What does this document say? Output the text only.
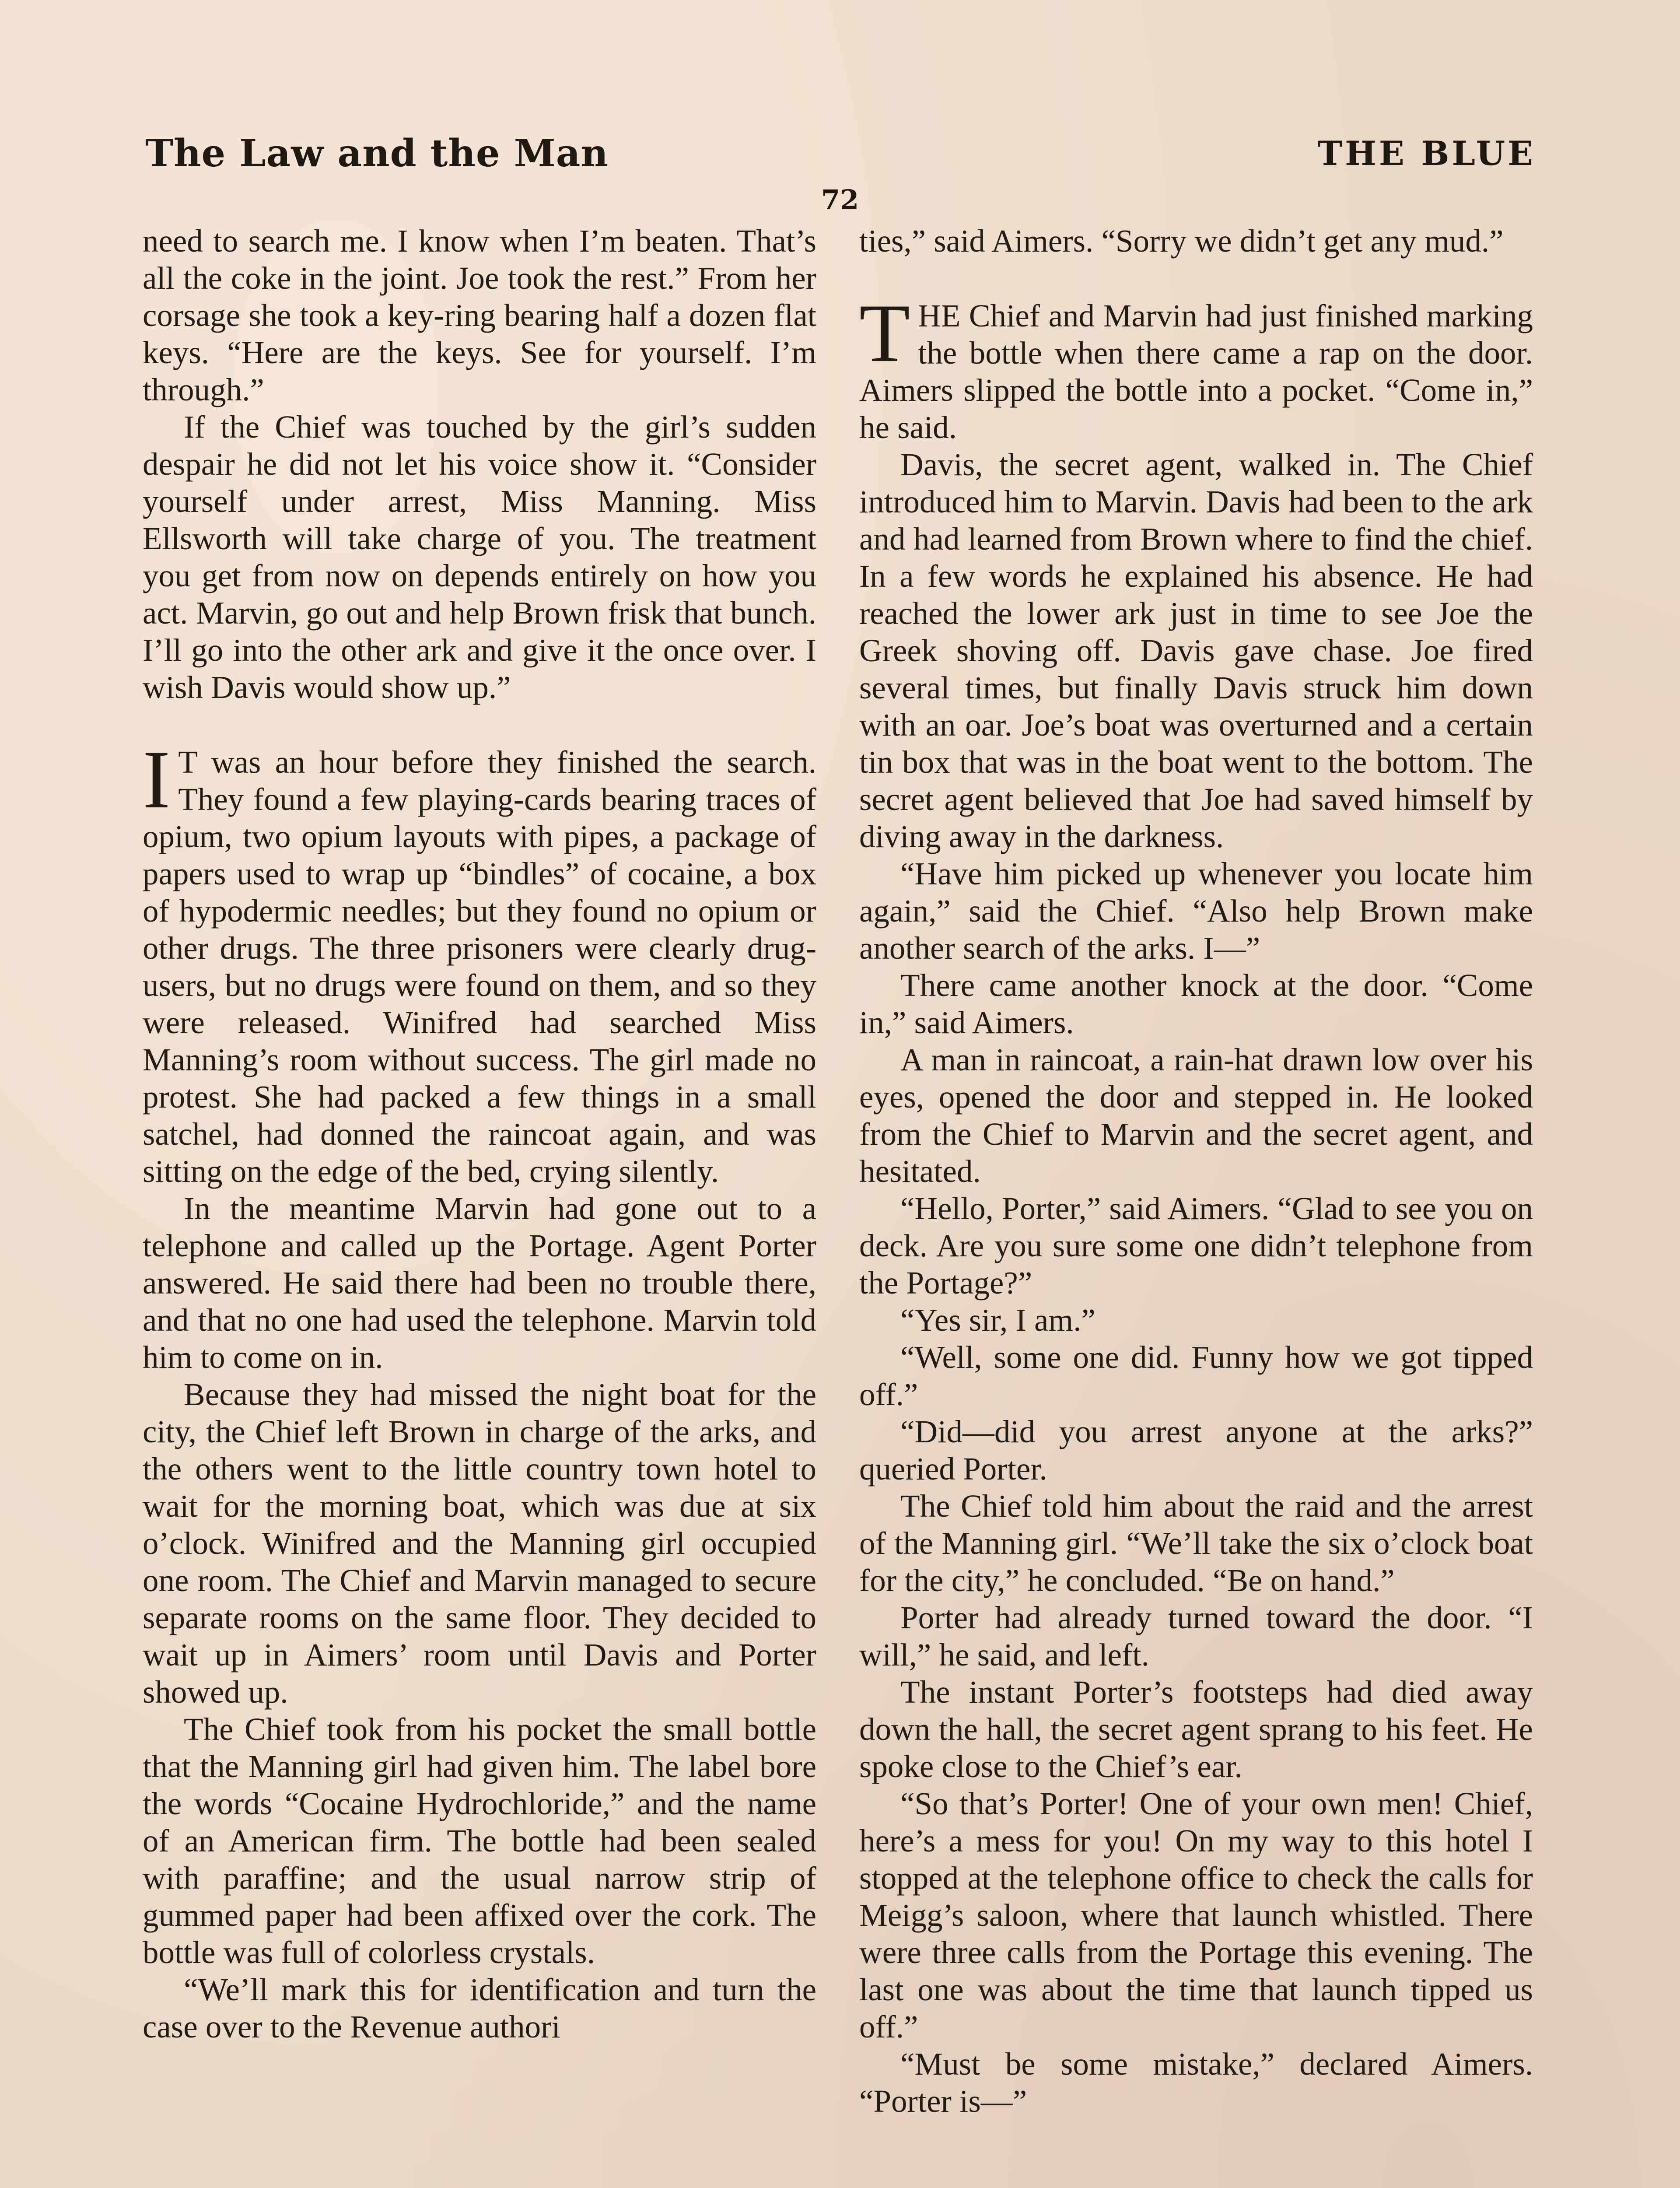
The Law and the Man	THE BLUE
72

need to search me. I know when I’m beaten. That’s all the coke in the joint. Joe took the rest.” From her corsage she took a key-ring bearing half a dozen flat keys. “Here are the keys. See for yourself. I’m through.”

If the Chief was touched by the girl’s sudden despair he did not let his voice show it. “Consider yourself under arrest, Miss Manning. Miss Ellsworth will take charge of you. The treatment you get from now on depends entirely on how you act. Marvin, go out and help Brown frisk that bunch. I’ll go into the other ark and give it the once over. I wish Davis would show up.”

I T was an hour before they finished the search. They found a few playing-cards bearing traces of opium, two opium layouts with pipes, a package of papers used to wrap up “bindles” of cocaine, a box of hypodermic needles; but they found no opium or other drugs. The three prisoners were clearly drug-users, but no drugs were found on them, and so they were released. Winifred had searched Miss Manning’s room without success. The girl made no protest. She had packed a few things in a small satchel, had donned the raincoat again, and was sitting on the edge of the bed, crying silently.

In the meantime Marvin had gone out to a telephone and called up the Portage. Agent Porter answered. He said there had been no trouble there, and that no one had used the telephone. Marvin told him to come on in.

Because they had missed the night boat for the city, the Chief left Brown in charge of the arks, and the others went to the little country town hotel to wait for the morning boat, which was due at six o’clock. Winifred and the Manning girl occupied one room. The Chief and Marvin managed to secure separate rooms on the same floor. They decided to wait up in Aimers’ room until Davis and Porter showed up.

The Chief took from his pocket the small bottle that the Manning girl had given him. The label bore the words “Cocaine Hydrochloride,” and the name of an American firm. The bottle had been sealed with paraffine; and the usual narrow strip of gummed paper had been affixed over the cork. The bottle was full of colorless crystals.

“We’ll mark this for identification and turn the case over to the Revenue authori

ties,” said Aimers. “Sorry we didn’t get any mud.”

THE Chief and Marvin had just finished marking the bottle when there came a rap on the door. Aimers slipped the bottle into a pocket. “Come in,” he said.

Davis, the secret agent, walked in. The Chief introduced him to Marvin. Davis had been to the ark and had learned from Brown where to find the chief. In a few words he explained his absence. He had reached the lower ark just in time to see Joe the Greek shoving off. Davis gave chase. Joe fired several times, but finally Davis struck him down with an oar. Joe’s boat was overturned and a certain tin box that was in the boat went to the bottom. The secret agent believed that Joe had saved himself by diving away in the darkness.

“Have him picked up whenever you locate him again,” said the Chief. “Also help Brown make another search of the arks. I—”

There came another knock at the door. “Come in,” said Aimers.

A man in raincoat, a rain-hat drawn low over his eyes, opened the door and stepped in. He looked from the Chief to Marvin and the secret agent, and hesitated.

“Hello, Porter,” said Aimers. “Glad to see you on deck. Are you sure some one didn’t telephone from the Portage?”

“Yes sir, I am.”

“Well, some one did. Funny how we got tipped off.”

“Did—did you arrest anyone at the arks?” queried Porter.

The Chief told him about the raid and the arrest of the Manning girl. “We’ll take the six o’clock boat for the city,” he concluded. “Be on hand.”

Porter had already turned toward the door. “I will,” he said, and left.

The instant Porter’s footsteps had died away down the hall, the secret agent sprang to his feet. He spoke close to the Chief’s ear.

“So that’s Porter! One of your own men! Chief, here’s a mess for you! On my way to this hotel I stopped at the telephone office to check the calls for Meigg’s saloon, where that launch whistled. There were three calls from the Portage this evening. The last one was about the time that launch tipped us off.”

“Must be some mistake,” declared Aimers. “Porter is—”
